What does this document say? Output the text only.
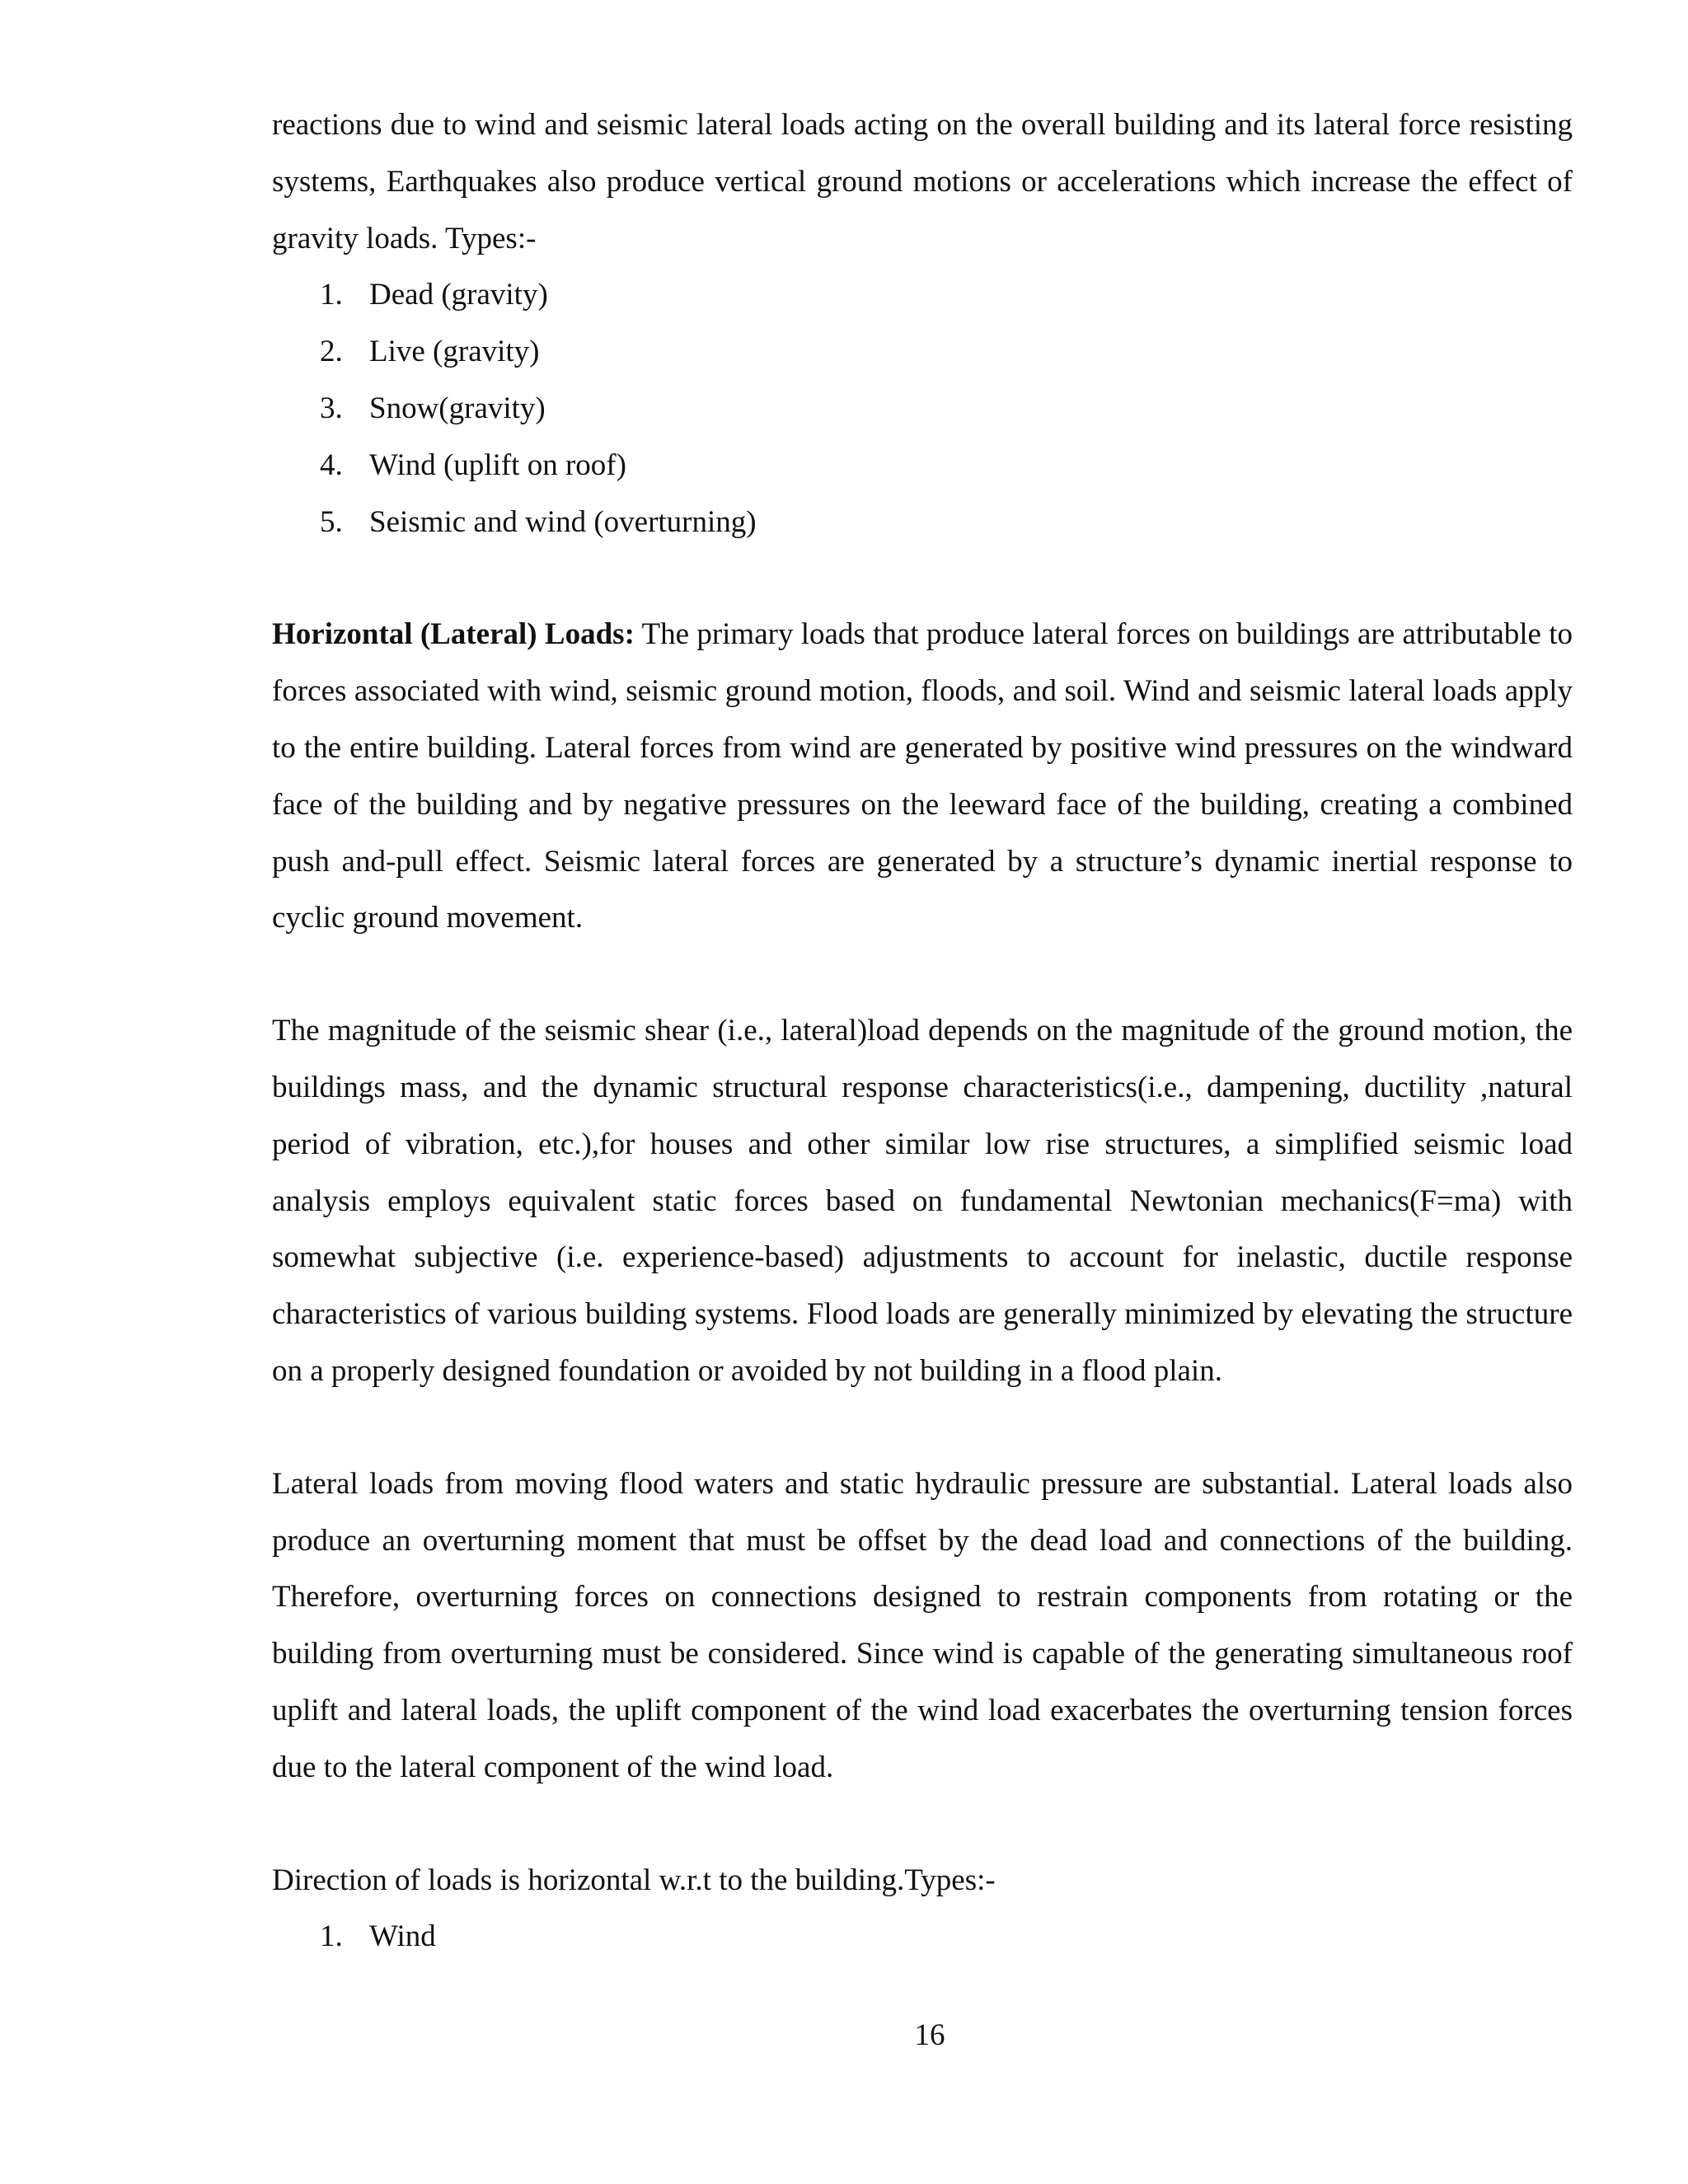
reactions due to wind and seismic lateral loads acting on the overall building and its lateral force resisting systems, Earthquakes also produce vertical ground motions or accelerations which increase the effect of gravity loads. Types:-

1. Dead (gravity)
2. Live (gravity)
3. Snow(gravity)
4. Wind (uplift on roof)
5. Seismic and wind (overturning)

Horizontal (Lateral) Loads: The primary loads that produce lateral forces on buildings are attributable to forces associated with wind, seismic ground motion, floods, and soil. Wind and seismic lateral loads apply to the entire building. Lateral forces from wind are generated by positive wind pressures on the windward face of the building and by negative pressures on the leeward face of the building, creating a combined push and-pull effect. Seismic lateral forces are generated by a structure’s dynamic inertial response to cyclic ground movement.

The magnitude of the seismic shear (i.e., lateral)load depends on the magnitude of the ground motion, the buildings mass, and the dynamic structural response characteristics(i.e., dampening, ductility ,natural period of vibration, etc.),for houses and other similar low rise structures, a simplified seismic load analysis employs equivalent static forces based on fundamental Newtonian mechanics(F=ma) with somewhat subjective (i.e. experience-based) adjustments to account for inelastic, ductile response characteristics of various building systems. Flood loads are generally minimized by elevating the structure on a properly designed foundation or avoided by not building in a flood plain.

Lateral loads from moving flood waters and static hydraulic pressure are substantial. Lateral loads also produce an overturning moment that must be offset by the dead load and connections of the building. Therefore, overturning forces on connections designed to restrain components from rotating or the building from overturning must be considered. Since wind is capable of the generating simultaneous roof uplift and lateral loads, the uplift component of the wind load exacerbates the overturning tension forces due to the lateral component of the wind load.

Direction of loads is horizontal w.r.t to the building.Types:-

1. Wind
16
